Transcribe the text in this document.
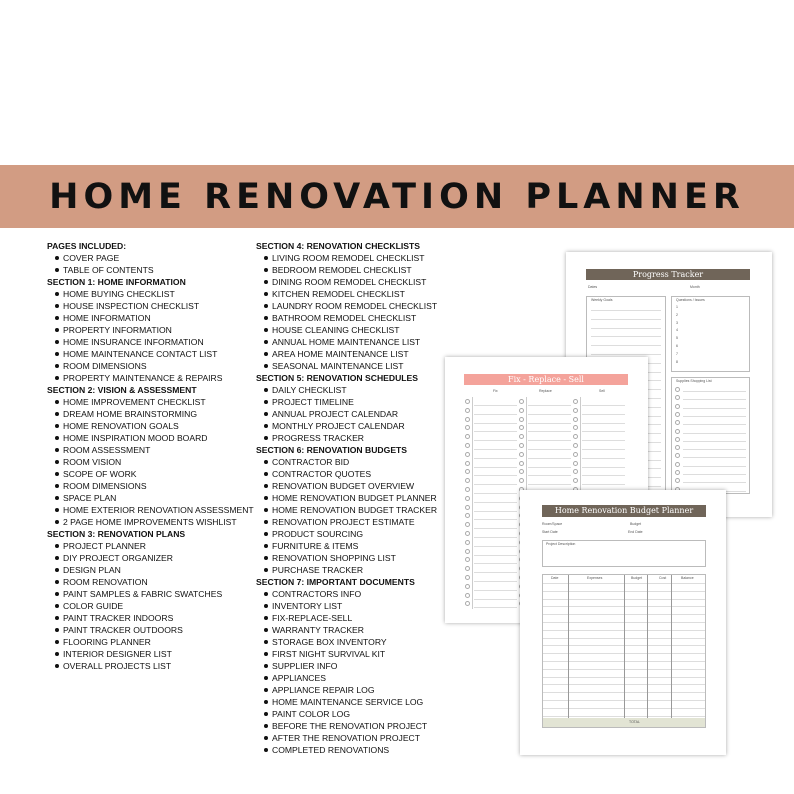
HOME RENOVATION PLANNER
PAGES INCLUDED:
COVER PAGE
TABLE OF CONTENTS
SECTION 1: HOME INFORMATION
HOME BUYING CHECKLIST
HOUSE INSPECTION CHECKLIST
HOME INFORMATION
PROPERTY INFORMATION
HOME INSURANCE INFORMATION
HOME MAINTENANCE CONTACT LIST
ROOM DIMENSIONS
PROPERTY MAINTENANCE & REPAIRS
SECTION 2: VISION & ASSESSMENT
HOME IMPROVEMENT CHECKLIST
DREAM HOME BRAINSTORMING
HOME RENOVATION GOALS
HOME INSPIRATION MOOD BOARD
ROOM ASSESSMENT
ROOM VISION
SCOPE OF WORK
ROOM DIMENSIONS
SPACE PLAN
HOME EXTERIOR RENOVATION ASSESSMENT
2 PAGE HOME IMPROVEMENTS WISHLIST
SECTION 3: RENOVATION PLANS
PROJECT PLANNER
DIY PROJECT ORGANIZER
DESIGN PLAN
ROOM RENOVATION
PAINT SAMPLES & FABRIC SWATCHES
COLOR GUIDE
PAINT TRACKER INDOORS
PAINT TRACKER OUTDOORS
FLOORING PLANNER
INTERIOR DESIGNER LIST
OVERALL PROJECTS LIST
SECTION 4: RENOVATION CHECKLISTS
LIVING ROOM REMODEL CHECKLIST
BEDROOM REMODEL CHECKLIST
DINING ROOM REMODEL CHECKLIST
KITCHEN REMODEL CHECKLIST
LAUNDRY ROOM REMODEL CHECKLIST
BATHROOM REMODEL CHECKLIST
HOUSE CLEANING CHECKLIST
ANNUAL HOME MAINTENANCE LIST
AREA HOME MAINTENANCE LIST
SEASONAL MAINTENANCE LIST
SECTION 5: RENOVATION SCHEDULES
DAILY CHECKLIST
PROJECT TIMELINE
ANNUAL PROJECT CALENDAR
MONTHLY PROJECT CALENDAR
PROGRESS TRACKER
SECTION 6: RENOVATION BUDGETS
CONTRACTOR BID
CONTRACTOR QUOTES
RENOVATION BUDGET OVERVIEW
HOME RENOVATION BUDGET PLANNER
HOME RENOVATION BUDGET TRACKER
RENOVATION PROJECT ESTIMATE
PRODUCT SOURCING
FURNITURE & ITEMS
RENOVATION SHOPPING LIST
PURCHASE TRACKER
SECTION 7: IMPORTANT DOCUMENTS
CONTRACTORS INFO
INVENTORY LIST
FIX-REPLACE-SELL
WARRANTY TRACKER
STORAGE BOX INVENTORY
FIRST NIGHT SURVIVAL KIT
SUPPLIER INFO
APPLIANCES
APPLIANCE REPAIR LOG
HOME MAINTENANCE SERVICE LOG
PAINT COLOR LOG
BEFORE THE RENOVATION PROJECT
AFTER THE RENOVATION PROJECT
COMPLETED RENOVATIONS
Progress Tracker
Dates	Month
Weekly Goals	Questions / Issues
1
2
3
4
5
6
7
8
Supplies Shopping List
Fix - Replace - Sell
Fix	Replace	Sell
Home Renovation Budget Planner
Room/Space	Budget
Start Date	End Date
Project Description
Date	Expenses	Budget	Cost	Balance
TOTAL
